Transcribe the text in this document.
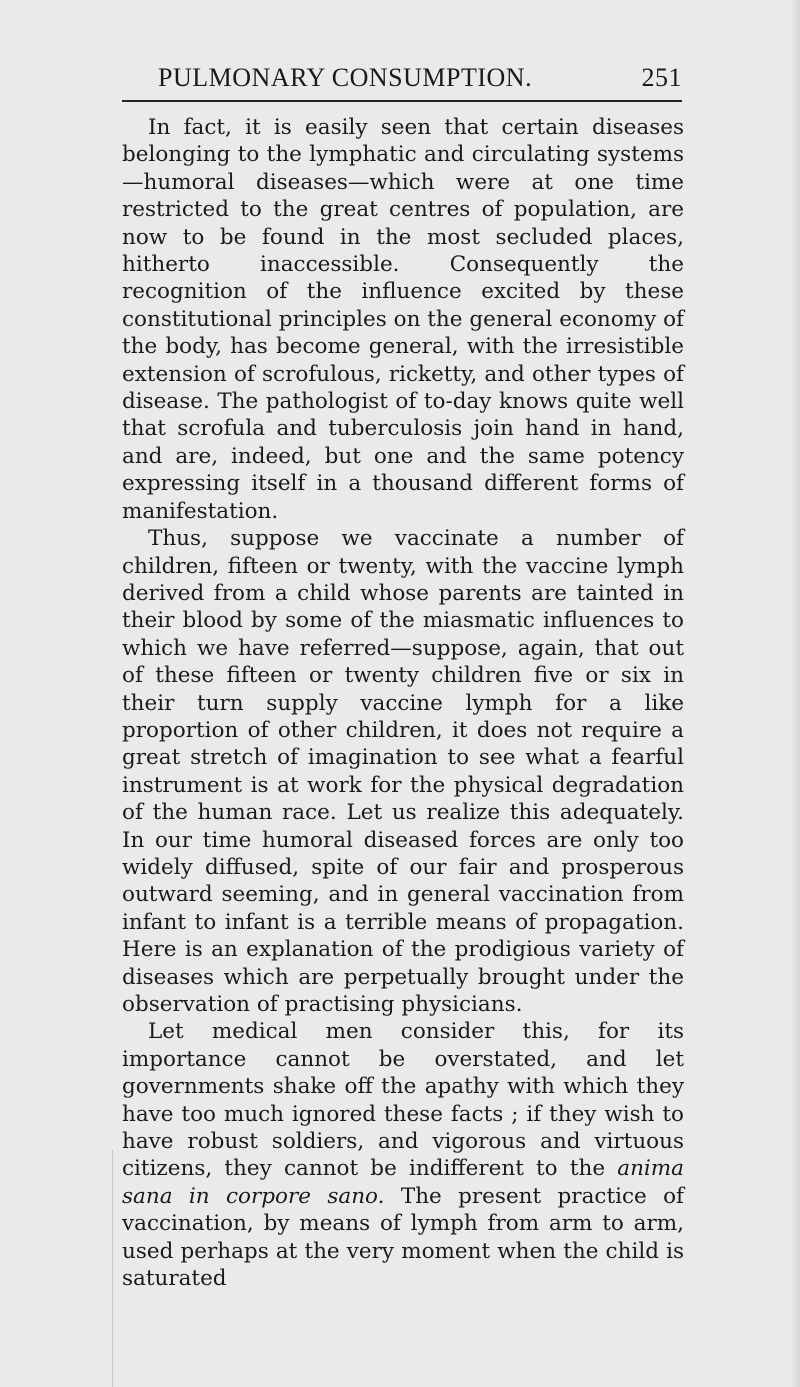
PULMONARY CONSUMPTION.	251

In fact, it is easily seen that certain diseases belonging to the lymphatic and circulating systems—humoral diseases—which were at one time restricted to the great centres of population, are now to be found in the most secluded places, hitherto inaccessible. Consequently the recognition of the influence excited by these constitutional principles on the general economy of the body, has become general, with the irresistible extension of scrofulous, ricketty, and other types of disease. The pathologist of to-day knows quite well that scrofula and tuberculosis join hand in hand, and are, indeed, but one and the same potency expressing itself in a thousand different forms of manifestation.

Thus, suppose we vaccinate a number of children, fifteen or twenty, with the vaccine lymph derived from a child whose parents are tainted in their blood by some of the miasmatic influences to which we have referred—suppose, again, that out of these fifteen or twenty children five or six in their turn supply vaccine lymph for a like proportion of other children, it does not require a great stretch of imagination to see what a fearful instrument is at work for the physical degradation of the human race. Let us realize this adequately. In our time humoral diseased forces are only too widely diffused, spite of our fair and prosperous outward seeming, and in general vaccination from infant to infant is a terrible means of propagation. Here is an explanation of the prodigious variety of diseases which are perpetually brought under the observation of practising physicians.

Let medical men consider this, for its importance cannot be overstated, and let governments shake off the apathy with which they have too much ignored these facts ; if they wish to have robust soldiers, and vigorous and virtuous citizens, they cannot be indifferent to the anima sana in corpore sano. The present practice of vaccination, by means of lymph from arm to arm, used perhaps at the very moment when the child is saturated
